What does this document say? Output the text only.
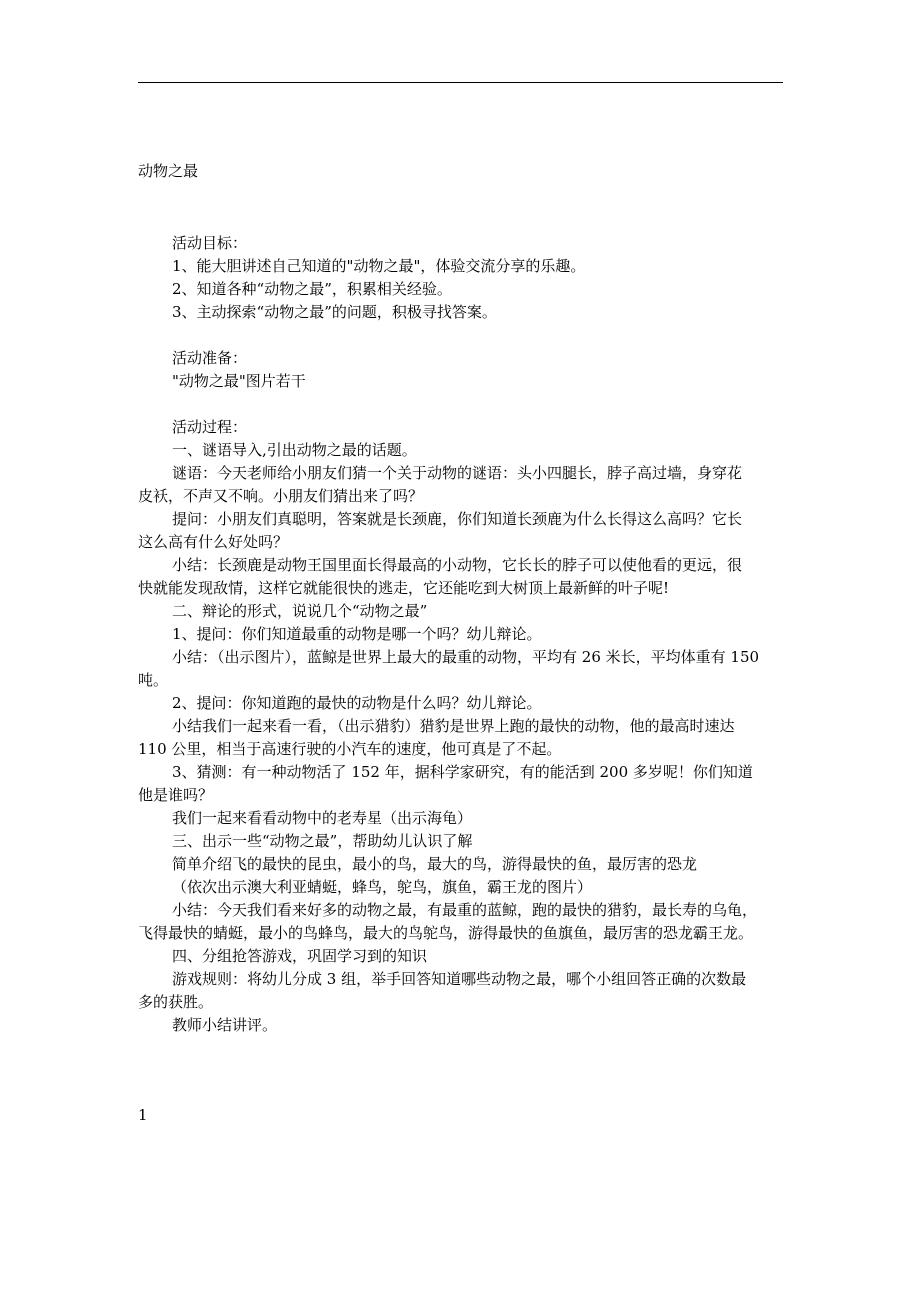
动物之最
活动目标：
1、能大胆讲述自己知道的"动物之最"，体验交流分享的乐趣。
2、知道各种“动物之最”，积累相关经验。
3、主动探索“动物之最”的问题，积极寻找答案。
活动准备：
"动物之最"图片若干
活动过程：
一、谜语导入,引出动物之最的话题。
谜语：今天老师给小朋友们猜一个关于动物的谜语：头小四腿长，脖子高过墙，身穿花
皮袄，不声又不响。小朋友们猜出来了吗？
提问：小朋友们真聪明，答案就是长颈鹿，你们知道长颈鹿为什么长得这么高吗？它长
这么高有什么好处吗？
小结：长颈鹿是动物王国里面长得最高的小动物，它长长的脖子可以使他看的更远，很
快就能发现敌情，这样它就能很快的逃走，它还能吃到大树顶上最新鲜的叶子呢!
二、辩论的形式，说说几个“动物之最”
1、提问：你们知道最重的动物是哪一个吗？幼儿辩论。
小结：（出示图片），蓝鲸是世界上最大的最重的动物，平均有 26 米长，平均体重有 150
吨。
2、提问：你知道跑的最快的动物是什么吗？幼儿辩论。
小结我们一起来看一看，（出示猎豹）猎豹是世界上跑的最快的动物，他的最高时速达
110 公里，相当于高速行驶的小汽车的速度，他可真是了不起。
3、猜测：有一种动物活了 152 年，据科学家研究，有的能活到 200 多岁呢！你们知道
他是谁吗？
我们一起来看看动物中的老寿星（出示海龟）
三、出示一些“动物之最”，帮助幼儿认识了解
简单介绍飞的最快的昆虫，最小的鸟，最大的鸟，游得最快的鱼，最厉害的恐龙
（依次出示澳大利亚蜻蜓，蜂鸟，鸵鸟，旗鱼，霸王龙的图片）
小结：今天我们看来好多的动物之最，有最重的蓝鲸，跑的最快的猎豹，最长寿的乌龟，
飞得最快的蜻蜓，最小的鸟蜂鸟，最大的鸟鸵鸟，游得最快的鱼旗鱼，最厉害的恐龙霸王龙。
四、分组抢答游戏，巩固学习到的知识
游戏规则：将幼儿分成 3 组，举手回答知道哪些动物之最，哪个小组回答正确的次数最
多的获胜。
教师小结讲评。
1
